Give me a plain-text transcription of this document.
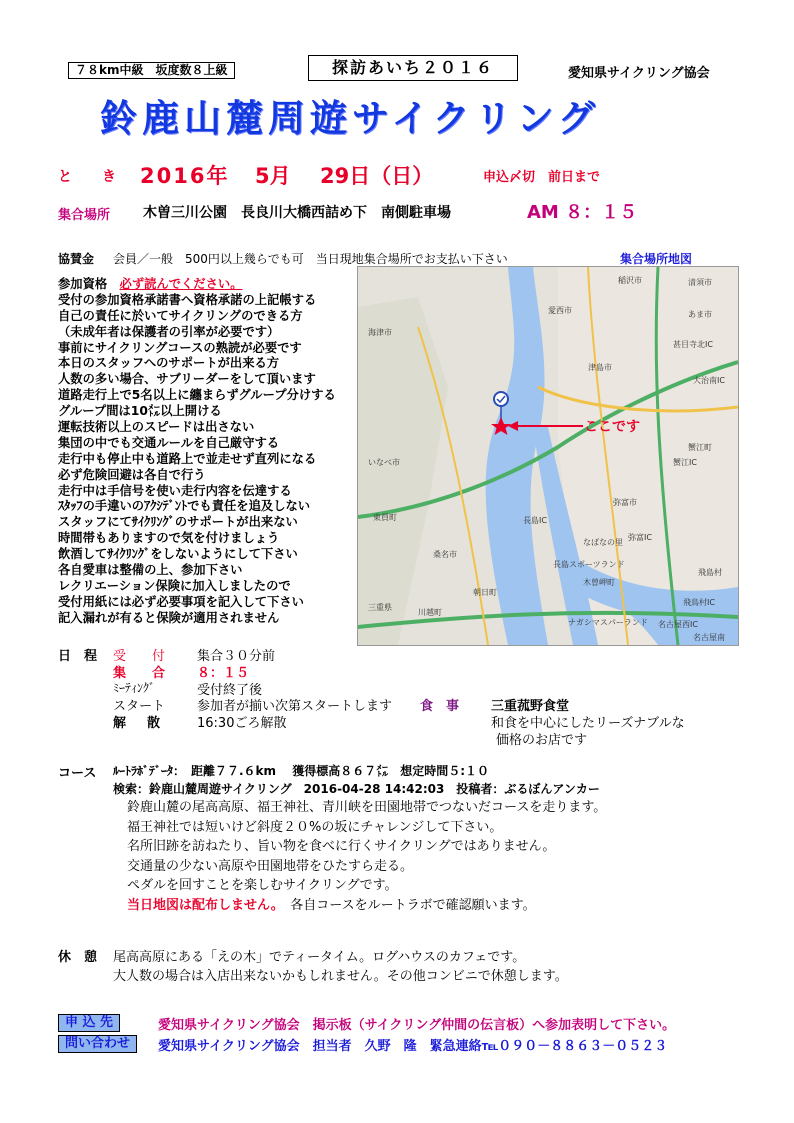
７８km中級　坂度数８上級	探訪あいち２０１６	愛知県サイクリング協会
鈴鹿山麓周遊サイクリング
と　き 2016年 5月 29日（日）	申込〆切　前日まで
集合場所 木曽三川公園　長良川大橋西詰め下　南側駐車場	AM ８：１５
協賛金 会員／一般　500円以上幾らでも可　当日現地集合場所でお支払い下さい	集合場所地図
参加資格　 必ず読んでください。
受付の参加資格承諾書へ資格承諾の上記帳する
自己の責任に於いてサイクリングのできる方
（未成年者は保護者の引率が必要です）
事前にサイクリングコースの熟読が必要です
本日のスタッフへのサポートが出来る方
人数の多い場合、サブリーダーをして頂います
道路走行上で5名以上に纏まらずグループ分けする
グループ間は10㍍以上開ける
運転技術以上のスピードは出さない
集団の中でも交通ルールを自己厳守する
走行中も停止中も道路上で並走せず直列になる
必ず危険回避は各自で行う
走行中は手信号を使い走行内容を伝達する
ｽﾀｯﾌの手違いのｱｸｼﾃﾞﾝﾄでも責任を追及しない
スタッフにてｻｲｸﾘﾝｸﾞのサポートが出来ない
時間帯もありますので気を付けましょう
飲酒してｻｲｸﾘﾝｸﾞをしないようにして下さい
各自愛車は整備の上、参加下さい
レクリエーション保険に加入しましたので
受付用紙には必ず必要事項を記入して下さい
記入漏れが有ると保険が適用されません
ここです
稲沢市
愛西市
海津市
津島市
あま市
清須市
蟹江町
弥富市
桑名市
木曽岬町
川越町
飛島村
三重県
東員町
いなべ市
大治南IC
長島IC
弥富IC
蟹江IC
朝日町
長島スポーツランド
ナガシマスパーランド
なばなの里
名古屋西IC
甚目寺北IC
名古屋南
飛鳥村IC
日　程 受　　付 集合３０分前
集　　合 ８：１５
ﾐｰﾃｨﾝｸﾞ	受付終了後
スタート 参加者が揃い次第スタートします
解　散	16:30ごろ解散
食　事 三重菰野食堂
和食を中心にしたリーズナブルな
価格のお店です
コース ﾙｰﾄﾗﾎﾞﾃﾞｰﾀ：　距離７７.６km　 獲得標高８６７㍍　想定時間５:１０
検索：鈴鹿山麓周遊サイクリング　2016-04-28 14:42:03　投稿者：ぶるぼんアンカー
鈴鹿山麓の尾高高原、福王神社、青川峡を田園地帯でつないだコースを走ります。
福王神社では短いけど斜度２０%の坂にチャレンジして下さい。
名所旧跡を訪ねたり、旨い物を食べに行くサイクリングではありません。
交通量の少ない高原や田園地帯をひたすら走る。
ペダルを回すことを楽しむサイクリングです。
当日地図は配布しません。　 各自コースをルートラボで確認願います。
休　憩 尾高高原にある「えの木」でティータイム。ログハウスのカフェです。
大人数の場合は入店出来ないかもしれません。その他コンビニで休憩します。
申 込 先	愛知県サイクリング協会　掲示板（サイクリング仲間の伝言板）へ参加表明して下さい。
問い合わせ	愛知県サイクリング協会　担当者　久野　隆　緊急連絡℡０９０－８８６３－０５２３
